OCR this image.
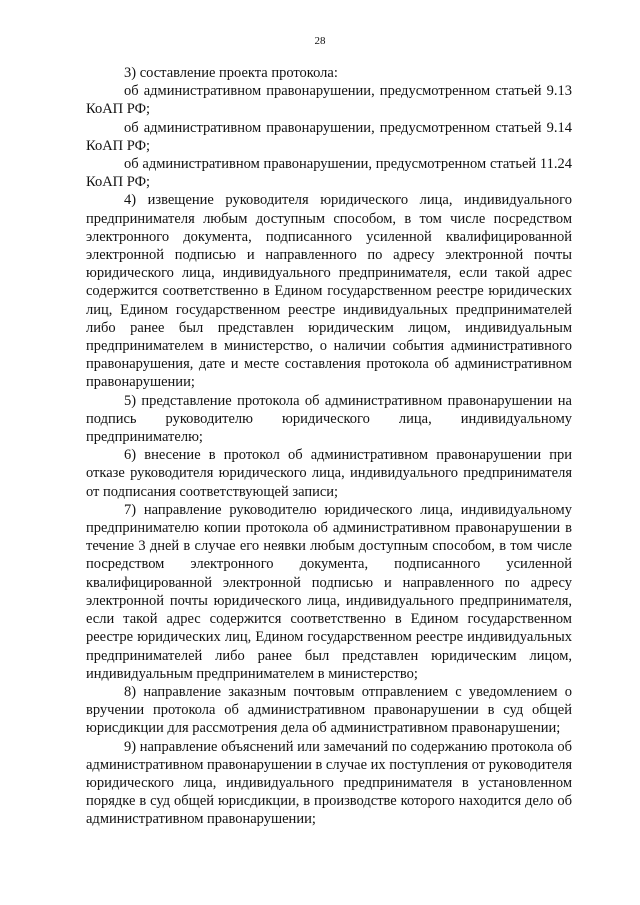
28

3) составление проекта протокола:

об административном правонарушении, предусмотренном статьей 9.13 КоАП РФ;

об административном правонарушении, предусмотренном статьей 9.14 КоАП РФ;

об административном правонарушении, предусмотренном статьей 11.24 КоАП РФ;

4) извещение руководителя юридического лица, индивидуального предпринимателя любым доступным способом, в том числе посредством электронного документа, подписанного усиленной квалифицированной электронной подписью и направленного по адресу электронной почты юридического лица, индивидуального предпринимателя, если такой адрес содержится соответственно в Едином государственном реестре юридических лиц, Едином государственном реестре индивидуальных предпринимателей либо ранее был представлен юридическим лицом, индивидуальным предпринимателем в министерство, о наличии события административного правонарушения, дате и месте составления протокола об административном правонарушении;

5) представление протокола об административном правонарушении на подпись руководителю юридического лица, индивидуальному предпринимателю;

6) внесение в протокол об административном правонарушении при отказе руководителя юридического лица, индивидуального предпринимателя от подписания соответствующей записи;

7) направление руководителю юридического лица, индивидуальному предпринимателю копии протокола об административном правонарушении в течение 3 дней в случае его неявки любым доступным способом, в том числе посредством электронного документа, подписанного усиленной квалифицированной электронной подписью и направленного по адресу электронной почты юридического лица, индивидуального предпринимателя, если такой адрес содержится соответственно в Едином государственном реестре юридических лиц, Едином государственном реестре индивидуальных предпринимателей либо ранее был представлен юридическим лицом, индивидуальным предпринимателем в министерство;

8) направление заказным почтовым отправлением с уведомлением о вручении протокола об административном правонарушении в суд общей юрисдикции для рассмотрения дела об административном правонарушении;

9) направление объяснений или замечаний по содержанию протокола об административном правонарушении в случае их поступления от руководителя юридического лица, индивидуального предпринимателя в установленном порядке в суд общей юрисдикции, в производстве которого находится дело об административном правонарушении;
